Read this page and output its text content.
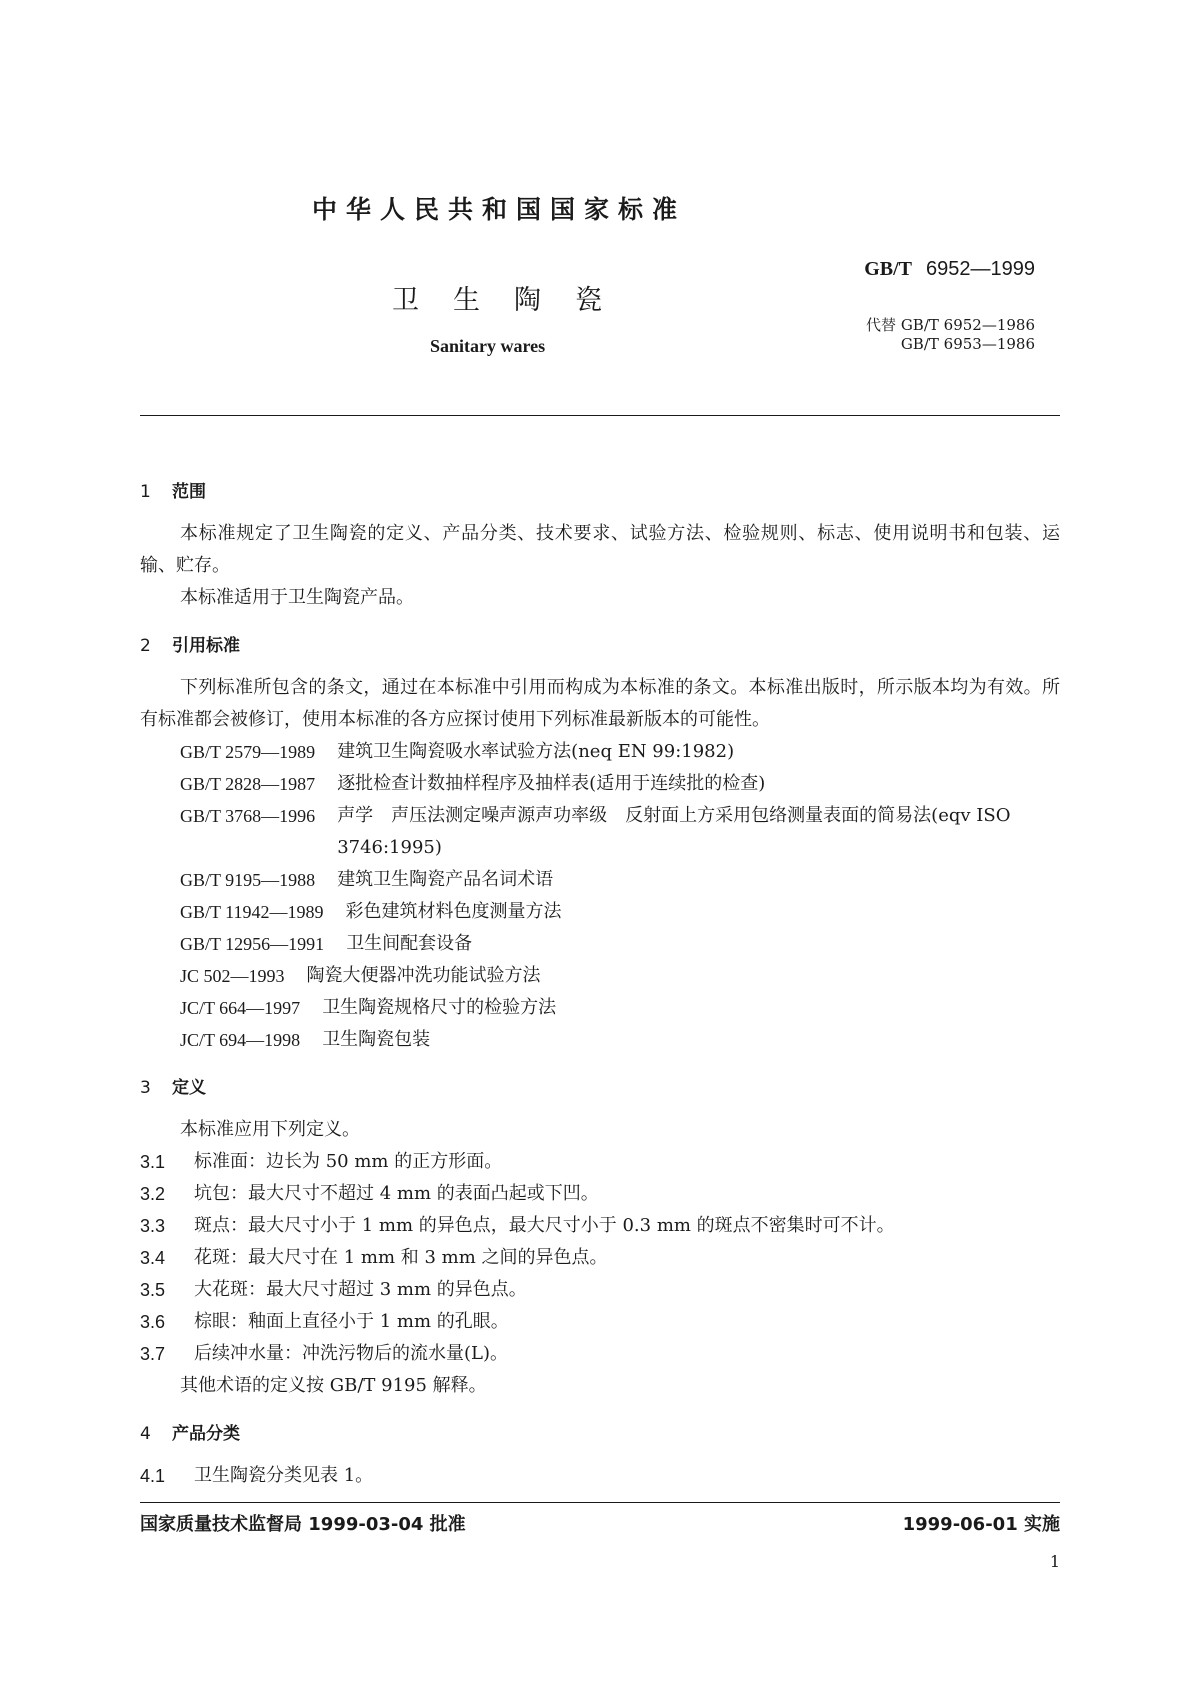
中华人民共和国国家标准
卫生陶瓷
Sanitary wares
GB/T 6952—1999
代替 GB/T 6952—1986
GB/T 6953—1986
1 范围

本标准规定了卫生陶瓷的定义、产品分类、技术要求、试验方法、检验规则、标志、使用说明书和包装、运输、贮存。

本标准适用于卫生陶瓷产品。

2 引用标准

下列标准所包含的条文，通过在本标准中引用而构成为本标准的条文。本标准出版时，所示版本均为有效。所有标准都会被修订，使用本标准的各方应探讨使用下列标准最新版本的可能性。

GB/T 2579—1989 建筑卫生陶瓷吸水率试验方法(neq EN 99:1982)
GB/T 2828—1987 逐批检查计数抽样程序及抽样表(适用于连续批的检查)
GB/T 3768—1996 声学　声压法测定噪声源声功率级　反射面上方采用包络测量表面的简易法(eqv ISO 3746:1995)
GB/T 9195—1988 建筑卫生陶瓷产品名词术语
GB/T 11942—1989 彩色建筑材料色度测量方法
GB/T 12956—1991 卫生间配套设备
JC 502—1993 陶瓷大便器冲洗功能试验方法
JC/T 664—1997 卫生陶瓷规格尺寸的检验方法
JC/T 694—1998 卫生陶瓷包装
3 定义

本标准应用下列定义。

3.1	标准面：边长为 50 mm 的正方形面。
3.2	坑包：最大尺寸不超过 4 mm 的表面凸起或下凹。
3.3	斑点：最大尺寸小于 1 mm 的异色点，最大尺寸小于 0.3 mm 的斑点不密集时可不计。
3.4	花斑：最大尺寸在 1 mm 和 3 mm 之间的异色点。
3.5	大花斑：最大尺寸超过 3 mm 的异色点。
3.6	棕眼：釉面上直径小于 1 mm 的孔眼。
3.7	后续冲水量：冲洗污物后的流水量(L)。

其他术语的定义按 GB/T 9195 解释。

4 产品分类
4.1	卫生陶瓷分类见表 1。
国家质量技术监督局 1999-03-04 批准	1999-06-01 实施
1
